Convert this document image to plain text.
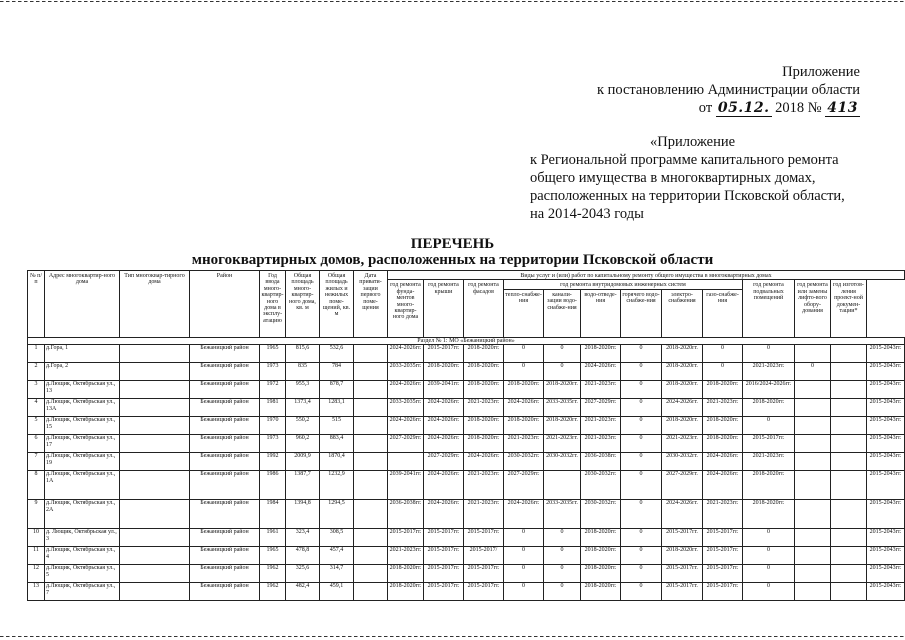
Приложение
к постановлению Администрации области
от 05.12. 2018 № 413
«Приложение
к Региональной программе капитального ремонта
общего имущества в многоквартирных домах,
расположенных на территории Псковской области,
на 2014-2043 годы
ПЕРЕЧЕНЬ
многоквартирных домов, расположенных на территории Псковской области
№ п/п	Адрес многоквартир-ного дома	Тип многоквар-тирного дома	Район	Год ввода много-квартир-ного дома в эксплу-атацию	Общая площадь много-квартир-ного дома, кв. м	Общая площадь жилых и нежилых поме-щений, кв. м	Дата привати-зации первого поме-щения	Виды услуг и (или) работ по капитальному ремонту общего имущества в многоквартирных домах												
								год ремонта фунда-ментов много-квартир-ного дома	год ремонта крыши	год ремонта фасадов	год ремонта внутридомовых инженерных систем						год ремонта подвальных помещений	год ремонта или замены лифто-вого обору-дования	год изготов-ления проект-ной докумен-тации*	
											тепло-снабже-ния	канали-зации водо-снабже-ния	водо-отведе-ния	горячего водо-снабже-ния	электро-снабжения	газо-снабже-ния				
Раздел № 1: МО «Бежаницкий район»																				
1	д.Гора, 1		Бежаницкий район	1965	815,6	532,6		2024-2026гг.	2015-2017гг.	2018-2020гг.	0	0	2018-2020гг.	0	2018-2020гг.	0	0			2015-2043гг.
2	д.Гора, 2		Бежаницкий район	1973	835	784		2033-2035гг.	2018-2020гг.	2018-2020гг.	0	0	2024-2026гг.	0	2018-2020гг.	0	2021-2023гг.	0		2015-2043гг.
3	д.Лющик, Октябрьская ул., 13		Бежаницкий район	1972	955,3	878,7		2024-2026гг.	2039-2041гг.	2018-2020гг.	2018-2020гг.	2018-2020гг.	2021-2023гг.	0	2018-2020гг.	2018-2020гг.	2016/2024-2026гг.			2015-2043гг.
4	д.Лющик, Октябрьская ул., 13А		Бежаницкий район	1981	1373,4	1283,1		2033-2035гг.	2024-2026гг.	2021-2023гг.	2024-2026гг.	2033-2035гг.	2027-2029гг.	0	2024-2026гг.	2021-2023гг.	2018-2020гг.			2015-2043гг.
5	д.Лющик, Октябрьская ул., 15		Бежаницкий район	1970	550,2	515		2024-2026гг.	2024-2026гг.	2018-2020гг.	2018-2020гг.	2018-2020гг.	2021-2023гг.	0	2018-2020гг.	2018-2020гг.	0			2015-2043гг.
6	д.Лющик, Октябрьская ул., 17		Бежаницкий район	1973	960,2	883,4		2027-2029гг.	2024-2026гг.	2018-2020гг.	2021-2023гг.	2021-2023гг.	2021-2023гг.	0	2021-2023гг.	2018-2020гг.	2015-2017гг.			2015-2043гг.
7	д.Лющик, Октябрьская ул., 19		Бежаницкий район	1992	2009,9	1870,4			2027-2029гг.	2024-2026гг.	2030-2032гг.	2030-2032гг.	2036-2038гг.	0	2030-2032гг.	2024-2026гг.	2021-2023гг.			2015-2043гг.
8	д.Лющик, Октябрьская ул., 1А		Бежаницкий район	1986	1387,7	1232,9		2039-2041гг.	2024-2026гг.	2021-2023гг.	2027-2029гг.		2030-2032гг.	0	2027-2029гг.	2024-2026гг.	2018-2020гг.			2015-2043гг.
9	д.Лющик, Октябрьская ул., 2А		Бежаницкий район	1984	1394,8	1294,5		2036-2038гг.	2024-2026гг.	2021-2023гг.	2024-2026гг.	2033-2035гг.	2030-2032гг.	0	2024-2026гг.	2021-2023гг.	2018-2020гг.			2015-2043гг.
10	д. Лющик, Октябрьская ул., 3		Бежаницкий район	1961	323,4	308,5		2015-2017гг.	2015-2017гг.	2015-2017гг.	0	0	2018-2020гг.	0	2015-2017гг.	2015-2017гг.	0			2015-2043гг.
11	д.Лющик, Октябрьская ул., 4		Бежаницкий район	1965	478,8	457,4		2021-2023гг.	2015-2017гг.	2015-2017/	0	0	2018-2020гг.	0	2018-2020гг.	2015-2017гг.	0			2015-2043гг.
12	д.Лющик, Октябрьская ул., 5		Бежаницкий район	1962	325,6	314,7		2018-2020гг.	2015-2017гг.	2015-2017гг.	0	0	2018-2020гг.	0	2015-2017гг.	2015-2017гг.	0			2015-2043гг.
13	д.Лющик, Октябрьская ул., 7		Бежаницкий район	1962	482,4	459,1		2018-2020гг.	2015-2017гг.	2015-2017гг.	0	0	2018-2020гг.	0	2015-2017гг.	2015-2017гг.	0			2015-2043гг.
